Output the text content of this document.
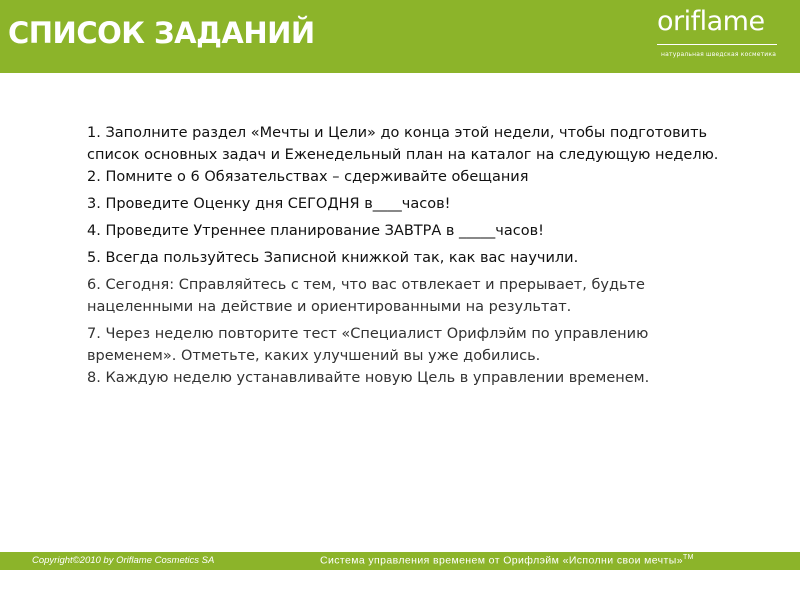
СПИСОК ЗАДАНИЙ	oriflame
натуральная шведская косметика

1. Заполните раздел «Мечты и Цели» до конца этой недели, чтобы подготовить список основных задач и Еженедельный план на каталог на следующую неделю.

2. Помните о 6 Обязательствах – сдерживайте обещания

3. Проведите Оценку дня СЕГОДНЯ в____часов!

4. Проведите Утреннее планирование ЗАВТРА в _____часов!

5. Всегда пользуйтесь Записной книжкой так, как вас научили.

6. Сегодня: Справляйтесь с тем, что вас отвлекает и прерывает, будьте нацеленными на действие и ориентированными на результат.

7. Через неделю повторите тест «Специалист Орифлэйм по управлению временем». Отметьте, каких улучшений вы уже добились.

8. Каждую неделю устанавливайте новую Цель в управлении временем.

Copyright©2010 by Oriflame Cosmetics SA	Система управления временем от Орифлэйм «Исполни свои мечты»™
